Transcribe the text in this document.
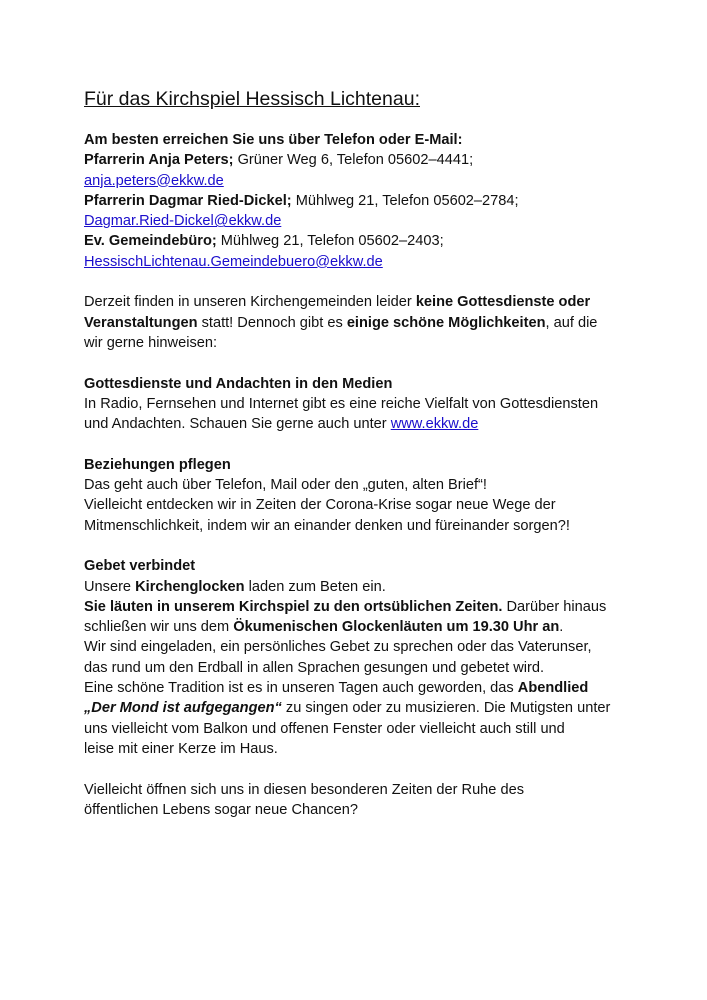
Für das Kirchspiel Hessisch Lichtenau:
Am besten erreichen Sie uns über Telefon oder E-Mail:
Pfarrerin Anja Peters; Grüner Weg 6, Telefon 05602–4441;
anja.peters@ekkw.de
Pfarrerin Dagmar Ried-Dickel; Mühlweg 21, Telefon 05602–2784;
Dagmar.Ried-Dickel@ekkw.de
Ev. Gemeindebüro; Mühlweg 21, Telefon 05602–2403;
HessischLichtenau.Gemeindebuero@ekkw.de
Derzeit finden in unseren Kirchengemeinden leider keine Gottesdienste oder
Veranstaltungen statt! Dennoch gibt es einige schöne Möglichkeiten, auf die
wir gerne hinweisen:
Gottesdienste und Andachten in den Medien
In Radio, Fernsehen und Internet gibt es eine reiche Vielfalt von Gottesdiensten
und Andachten. Schauen Sie gerne auch unter www.ekkw.de
Beziehungen pflegen
Das geht auch über Telefon, Mail oder den „guten, alten Brief“!
Vielleicht entdecken wir in Zeiten der Corona-Krise sogar neue Wege der
Mitmenschlichkeit, indem wir an einander denken und füreinander sorgen?!
Gebet verbindet
Unsere Kirchenglocken laden zum Beten ein.
Sie läuten in unserem Kirchspiel zu den ortsüblichen Zeiten. Darüber hinaus
schließen wir uns dem Ökumenischen Glockenläuten um 19.30 Uhr an.
Wir sind eingeladen, ein persönliches Gebet zu sprechen oder das Vaterunser,
das rund um den Erdball in allen Sprachen gesungen und gebetet wird.
Eine schöne Tradition ist es in unseren Tagen auch geworden, das Abendlied
„Der Mond ist aufgegangen“ zu singen oder zu musizieren. Die Mutigsten unter
uns vielleicht vom Balkon und offenen Fenster oder vielleicht auch still und
leise mit einer Kerze im Haus.
Vielleicht öffnen sich uns in diesen besonderen Zeiten der Ruhe des
öffentlichen Lebens sogar neue Chancen?
